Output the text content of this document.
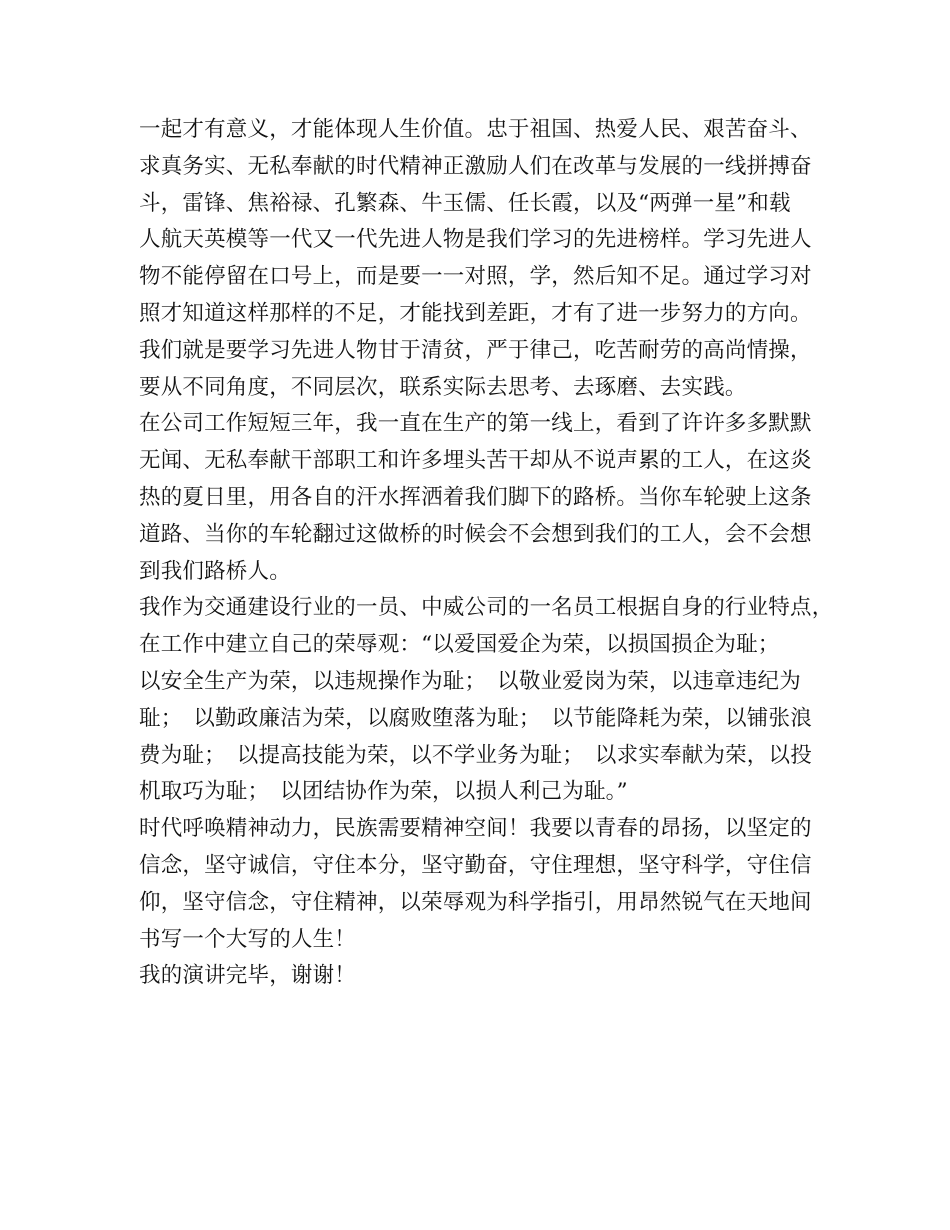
一起才有意义，才能体现人生价值。忠于祖国、热爱人民、艰苦奋斗、
求真务实、无私奉献的时代精神正激励人们在改革与发展的一线拼搏奋
斗，雷锋、焦裕禄、孔繁森、牛玉儒、任长霞，以及“两弹一星”和载
人航天英模等一代又一代先进人物是我们学习的先进榜样。学习先进人
物不能停留在口号上，而是要一一对照，学，然后知不足。通过学习对
照才知道这样那样的不足，才能找到差距，才有了进一步努力的方向。
我们就是要学习先进人物甘于清贫，严于律己，吃苦耐劳的高尚情操，
要从不同角度，不同层次，联系实际去思考、去琢磨、去实践。
在公司工作短短三年，我一直在生产的第一线上，看到了许许多多默默
无闻、无私奉献干部职工和许多埋头苦干却从不说声累的工人，在这炎
热的夏日里，用各自的汗水挥洒着我们脚下的路桥。当你车轮驶上这条
道路、当你的车轮翻过这做桥的时候会不会想到我们的工人，会不会想
到我们路桥人。
我作为交通建设行业的一员、中威公司的一名员工根据自身的行业特点，
在工作中建立自己的荣辱观：“以爱国爱企为荣，以损国损企为耻；
以安全生产为荣，以违规操作为耻；　以敬业爱岗为荣，以违章违纪为
耻；　以勤政廉洁为荣，以腐败堕落为耻；　以节能降耗为荣，以铺张浪
费为耻；　以提高技能为荣，以不学业务为耻；　以求实奉献为荣，以投
机取巧为耻；　以团结协作为荣，以损人利己为耻。”
时代呼唤精神动力，民族需要精神空间！我要以青春的昂扬，以坚定的
信念，坚守诚信，守住本分，坚守勤奋，守住理想，坚守科学，守住信
仰，坚守信念，守住精神，以荣辱观为科学指引，用昂然锐气在天地间
书写一个大写的人生！
我的演讲完毕，谢谢！
